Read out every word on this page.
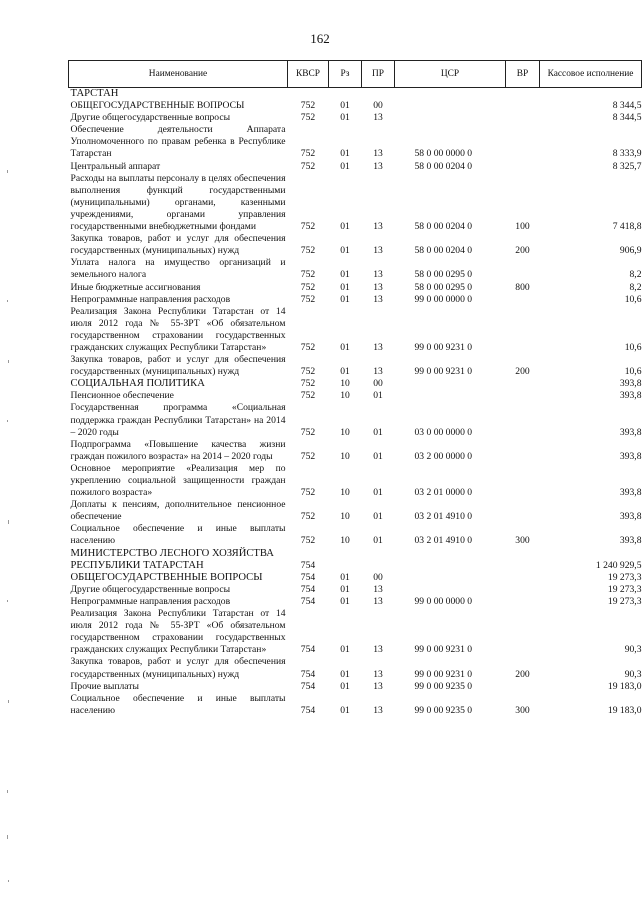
162
Наименование	КВСР	Рз	ПР	ЦСР	ВР	Кассовое исполнение
ТАРСТАН						
ОБЩЕГОСУДАРСТВЕННЫЕ ВОПРОСЫ	752	01	00			8 344,5
Другие общегосударственные вопросы	752	01	13			8 344,5
Обеспечение деятельности Аппарата Уполномоченного по правам ребенка в Республике Татарстан	752	01	13	58 0 00 0000 0		8 333,9
Центральный аппарат	752	01	13	58 0 00 0204 0		8 325,7
Расходы на выплаты персоналу в целях обеспечения выполнения функций государственными (муниципальными) органами, казенными учреждениями, органами управления государственными внебюджетными фондами	752	01	13	58 0 00 0204 0	100	7 418,8
Закупка товаров, работ и услуг для обеспечения государственных (муниципальных) нужд	752	01	13	58 0 00 0204 0	200	906,9
Уплата налога на имущество организаций и земельного налога	752	01	13	58 0 00 0295 0		8,2
Иные бюджетные ассигнования	752	01	13	58 0 00 0295 0	800	8,2
Непрограммные направления расходов	752	01	13	99 0 00 0000 0		10,6
Реализация Закона Республики Татарстан от 14 июля 2012 года № 55-ЗРТ «Об обязательном государственном страховании государственных гражданских служащих Республики Татарстан»	752	01	13	99 0 00 9231 0		10,6
Закупка товаров, работ и услуг для обеспечения государственных (муниципальных) нужд	752	01	13	99 0 00 9231 0	200	10,6
СОЦИАЛЬНАЯ ПОЛИТИКА	752	10	00			393,8
Пенсионное обеспечение	752	10	01			393,8
Государственная программа «Социальная поддержка граждан Республики Татарстан» на 2014 – 2020 годы	752	10	01	03 0 00 0000 0		393,8
Подпрограмма «Повышение качества жизни граждан пожилого возраста» на 2014 – 2020 годы	752	10	01	03 2 00 0000 0		393,8
Основное мероприятие «Реализация мер по укреплению социальной защищенности граждан пожилого возраста»	752	10	01	03 2 01 0000 0		393,8
Доплаты к пенсиям, дополнительное пенсионное обеспечение	752	10	01	03 2 01 4910 0		393,8
Социальное обеспечение и иные выплаты населению	752	10	01	03 2 01 4910 0	300	393,8
МИНИСТЕРСТВО ЛЕСНОГО ХОЗЯЙСТВА РЕСПУБЛИКИ ТАТАРСТАН	754					1 240 929,5
ОБЩЕГОСУДАРСТВЕННЫЕ ВОПРОСЫ	754	01	00			19 273,3
Другие общегосударственные вопросы	754	01	13			19 273,3
Непрограммные направления расходов	754	01	13	99 0 00 0000 0		19 273,3
Реализация Закона Республики Татарстан от 14 июля 2012 года № 55-ЗРТ «Об обязательном государственном страховании государственных гражданских служащих Республики Татарстан»	754	01	13	99 0 00 9231 0		90,3
Закупка товаров, работ и услуг для обеспечения государственных (муниципальных) нужд	754	01	13	99 0 00 9231 0	200	90,3
Прочие выплаты	754	01	13	99 0 00 9235 0		19 183,0
Социальное обеспечение и иные выплаты населению	754	01	13	99 0 00 9235 0	300	19 183,0
